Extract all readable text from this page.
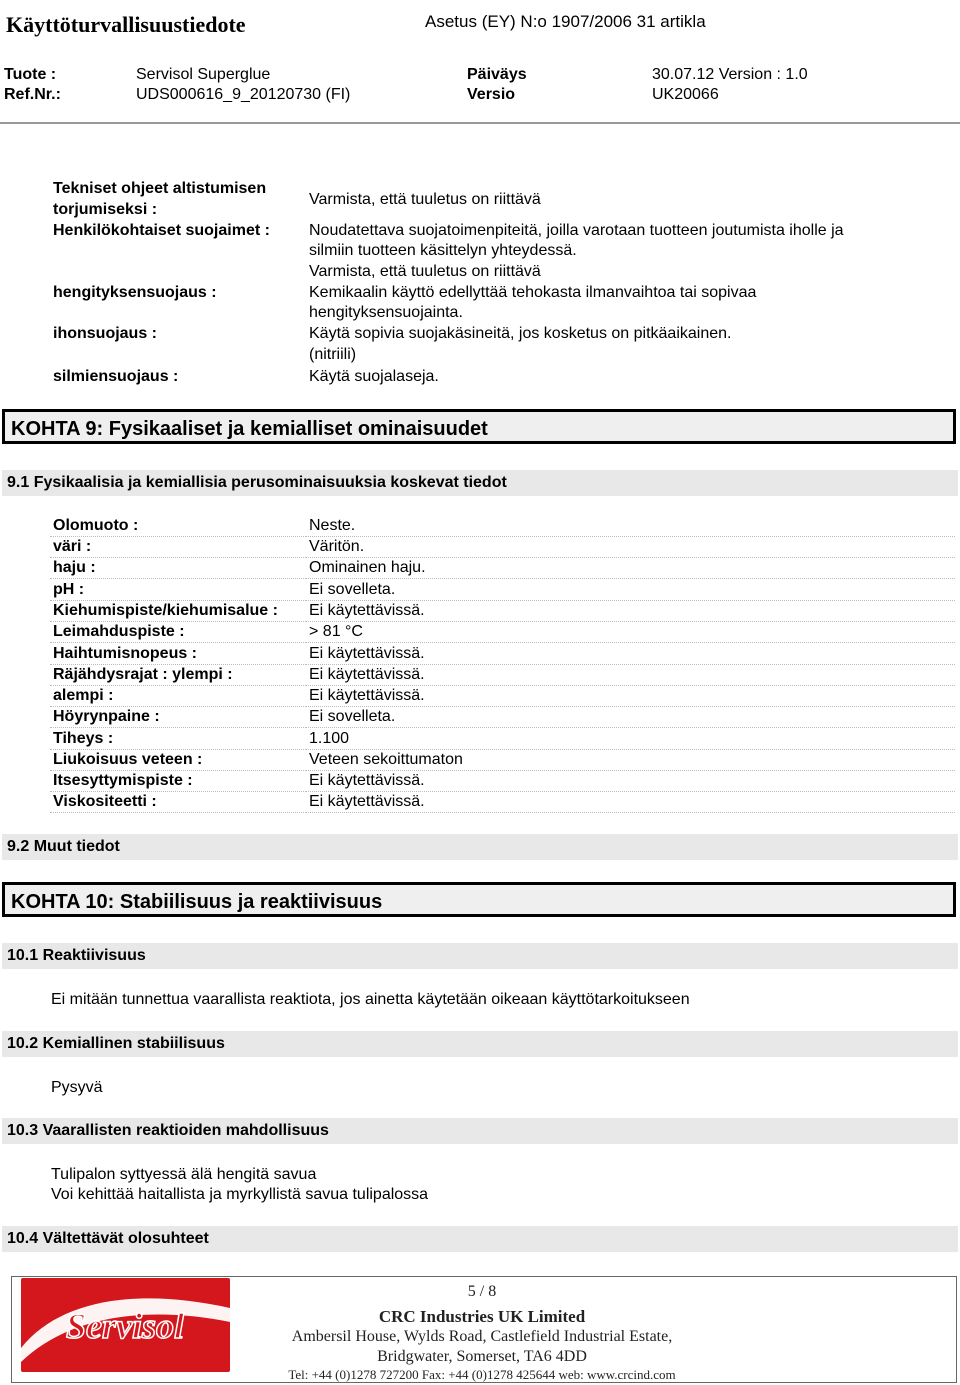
Käyttöturvallisuustiedote	Asetus (EY) N:o 1907/2006 31 artikla
Tuote :	Servisol Superglue	Päiväys	30.07.12 Version : 1.0
Ref.Nr.:	UDS000616_9_20120730 (FI)	Versio	UK20066
Tekniset ohjeet altistumisen
torjumiseksi :
Varmista, että tuuletus on riittävä
Henkilökohtaiset suojaimet : Noudatettava suojatoimenpiteitä, joilla varotaan tuotteen joutumista iholle ja
silmiin tuotteen käsittelyn yhteydessä.
Varmista, että tuuletus on riittävä
hengityksensuojaus :	Kemikaalin käyttö edellyttää tehokasta ilmanvaihtoa tai sopivaa
hengityksensuojainta.
ihonsuojaus :	Käytä sopivia suojakäsineitä, jos kosketus on pitkäaikainen.
(nitriili)
silmiensuojaus :	Käytä suojalaseja.
KOHTA 9: Fysikaaliset ja kemialliset ominaisuudet
9.1 Fysikaalisia ja kemiallisia perusominaisuuksia koskevat tiedot
Olomuoto :	Neste.
väri :	Väritön.
haju :	Ominainen haju.
pH :	Ei sovelleta.
Kiehumispiste/kiehumisalue :	Ei käytettävissä.
Leimahduspiste :	> 81 °C
Haihtumisnopeus :	Ei käytettävissä.
Räjähdysrajat : ylempi :	Ei käytettävissä.
alempi :	Ei käytettävissä.
Höyrynpaine :	Ei sovelleta.
Tiheys :	1.100
Liukoisuus veteen :	Veteen sekoittumaton
Itsesyttymispiste :	Ei käytettävissä.
Viskositeetti :	Ei käytettävissä.
9.2 Muut tiedot
KOHTA 10: Stabiilisuus ja reaktiivisuus
10.1 Reaktiivisuus
Ei mitään tunnettua vaarallista reaktiota, jos ainetta käytetään oikeaan käyttötarkoitukseen
10.2 Kemiallinen stabiilisuus
Pysyvä
10.3 Vaarallisten reaktioiden mahdollisuus
Tulipalon syttyessä älä hengitä savua
Voi kehittää haitallista ja myrkyllistä savua tulipalossa
10.4 Vältettävät olosuhteet
Servisol
5 / 8
CRC Industries UK Limited
Ambersil House, Wylds Road, Castlefield Industrial Estate,
Bridgwater, Somerset, TA6 4DD
Tel: +44 (0)1278 727200 Fax: +44 (0)1278 425644 web: www.crcind.com
